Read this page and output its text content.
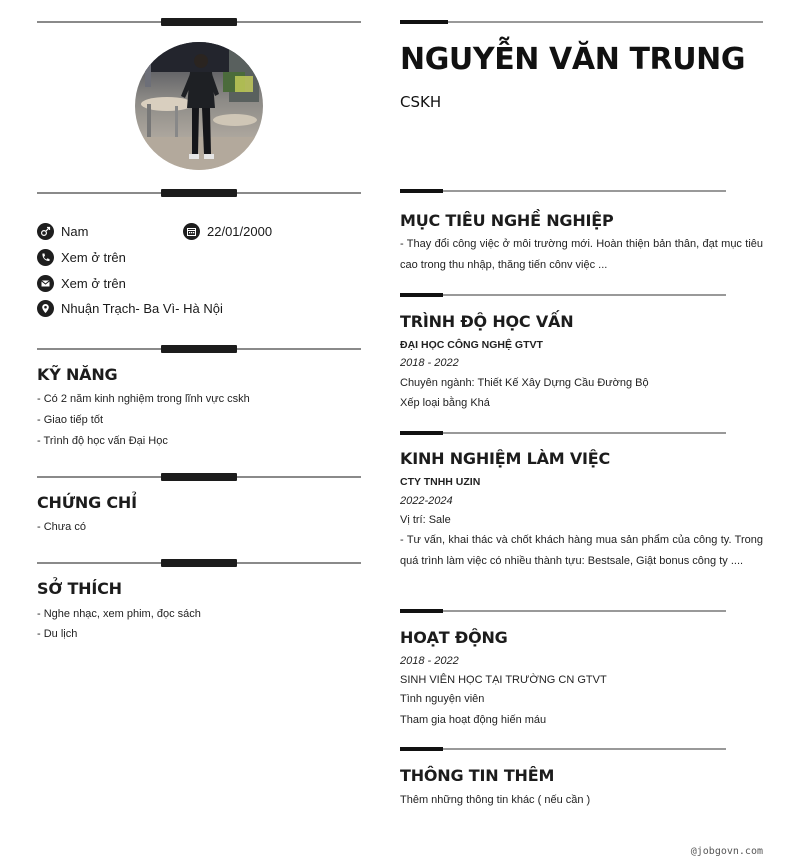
Nam	22/01/2000
Xem ở trên
Xem ở trên
Nhuận Trạch- Ba Vì- Hà Nội
KỸ NĂNG
- Có 2 năm kinh nghiệm trong lĩnh vực cskh
- Giao tiếp tốt
- Trình độ học vấn Đại Học
CHỨNG CHỈ
- Chưa có
SỞ THÍCH
- Nghe nhạc, xem phim, đọc sách
- Du lịch
NGUYỄN VĂN TRUNG
CSKH
MỤC TIÊU NGHỀ NGHIỆP
- Thay đổi công việc ở môi trường mới. Hoàn thiện bản thân, đạt mục tiêu cao trong thu nhập, thăng tiến cônv việc ...
TRÌNH ĐỘ HỌC VẤN
ĐẠI HỌC CÔNG NGHỆ GTVT
2018 - 2022
Chuyên ngành: Thiết Kế Xây Dựng Cầu Đường Bộ
Xếp loại bằng Khá
KINH NGHIỆM LÀM VIỆC
CTY TNHH UZIN
2022-2024
Vị trí: Sale
- Tư vấn, khai thác và chốt khách hàng mua sản phẩm của công ty. Trong quá trình làm việc có nhiều thành tựu: Bestsale, Giật bonus công ty ....
HOẠT ĐỘNG
2018 - 2022
SINH VIÊN HỌC TẠI TRƯỜNG CN GTVT
Tình nguyện viên
Tham gia hoạt động hiến máu
THÔNG TIN THÊM
Thêm những thông tin khác ( nếu cần )
@jobgovn.com
